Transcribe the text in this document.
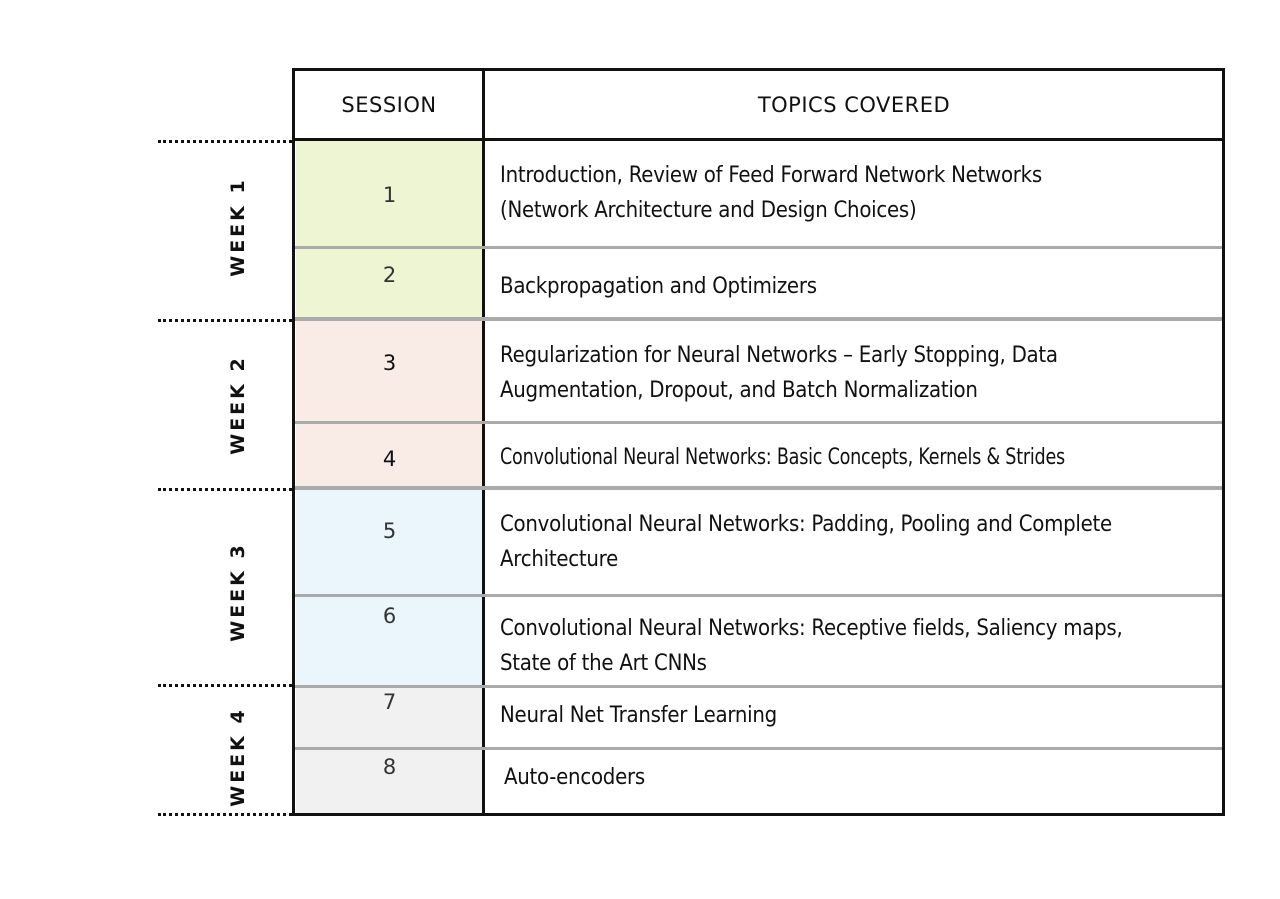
SESSION	TOPICS COVERED
1
2
3
4
5
6
7
8
Introduction, Review of Feed Forward Network Networks
(Network Architecture and Design Choices)
Backpropagation and Optimizers
Regularization for Neural Networks – Early Stopping, Data
Augmentation, Dropout, and Batch Normalization
Convolutional Neural Networks: Basic Concepts, Kernels & Strides
Convolutional Neural Networks: Padding, Pooling and Complete
Architecture
Convolutional Neural Networks: Receptive fields, Saliency maps,
State of the Art CNNs
Neural Net Transfer Learning
Auto-encoders
WEEK 1
WEEK 2
WEEK 3
WEEK 4
